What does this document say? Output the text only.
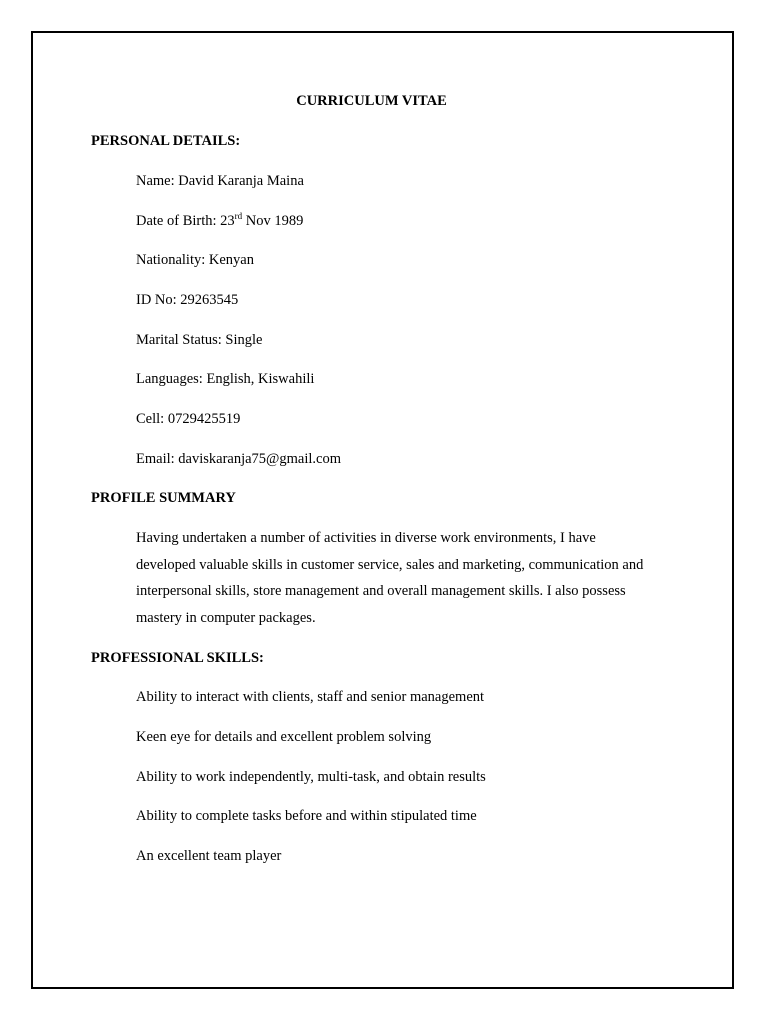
CURRICULUM VITAE
PERSONAL DETAILS:
Name: David Karanja Maina
Date of Birth: 23rd Nov 1989
Nationality: Kenyan
ID No: 29263545
Marital Status: Single
Languages: English, Kiswahili
Cell: 0729425519
Email: daviskaranja75@gmail.com
PROFILE SUMMARY
Having undertaken a number of activities in diverse work environments, I have
developed valuable skills in customer service, sales and marketing, communication and
interpersonal skills, store management and overall management skills. I also possess
mastery in computer packages.
PROFESSIONAL SKILLS:
Ability to interact with clients, staff and senior management
Keen eye for details and excellent problem solving
Ability to work independently, multi-task, and obtain results
Ability to complete tasks before and within stipulated time
An excellent team player
